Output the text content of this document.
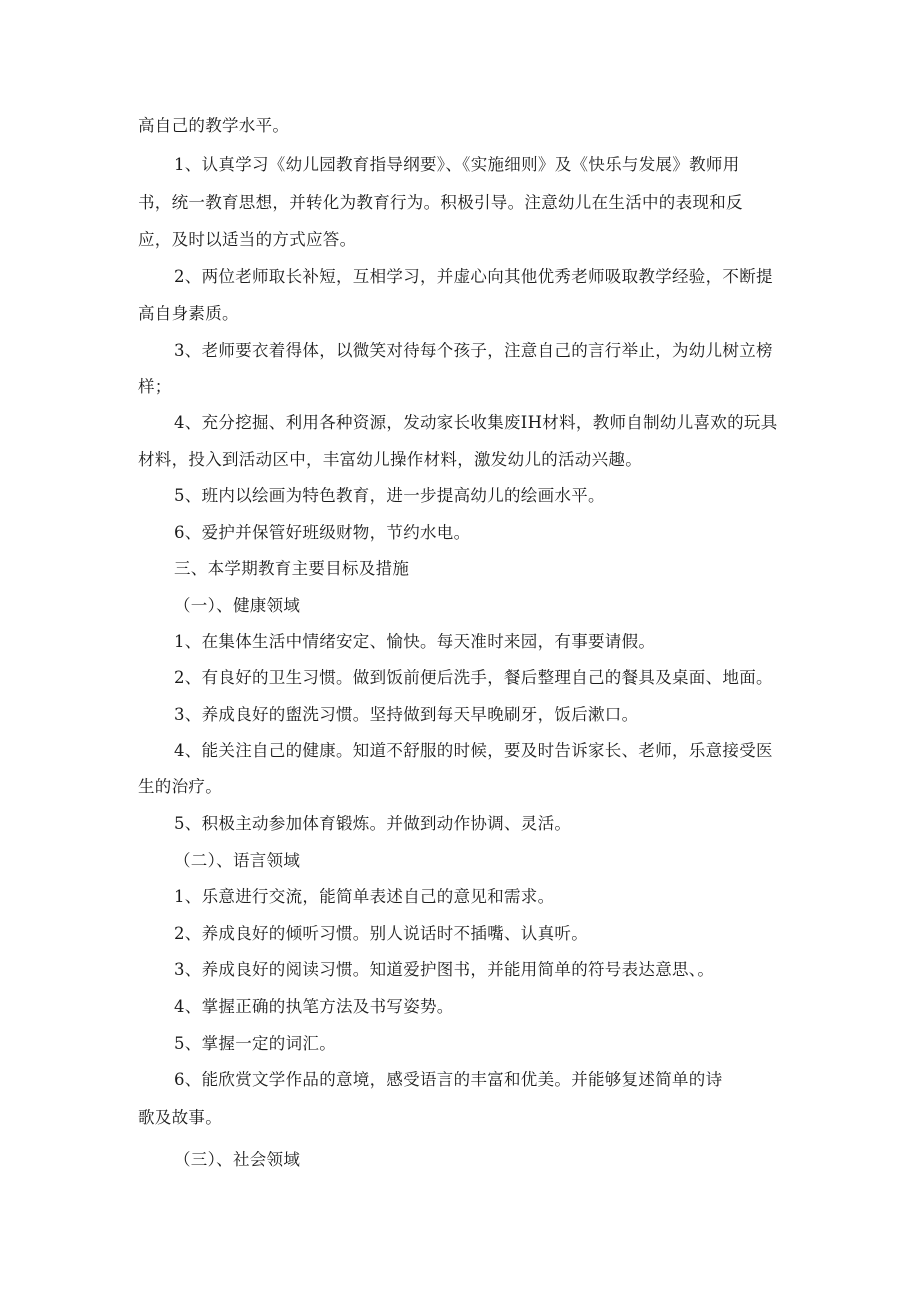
高自己的教学水平。
1、认真学习《幼儿园教育指导纲要》、《实施细则》及《快乐与发展》教师用
书，统一教育思想，并转化为教育行为。积极引导。注意幼儿在生活中的表现和反
应，及时以适当的方式应答。
2、两位老师取长补短，互相学习，并虚心向其他优秀老师吸取教学经验，不断提
高自身素质。
3、老师要衣着得体，以微笑对待每个孩子，注意自己的言行举止，为幼儿树立榜
样；
4、充分挖掘、利用各种资源，发动家长收集废IH材料，教师自制幼儿喜欢的玩具
材料，投入到活动区中，丰富幼儿操作材料，激发幼儿的活动兴趣。
5、班内以绘画为特色教育，进一步提高幼儿的绘画水平。
6、爱护并保管好班级财物，节约水电。
三、本学期教育主要目标及措施
（一）、健康领域
1、在集体生活中情绪安定、愉快。每天准时来园，有事要请假。
2、有良好的卫生习惯。做到饭前便后洗手，餐后整理自己的餐具及桌面、地面。
3、养成良好的盥洗习惯。坚持做到每天早晚刷牙，饭后漱口。
4、能关注自己的健康。知道不舒服的时候，要及时告诉家长、老师，乐意接受医
生的治疗。
5、积极主动参加体育锻炼。并做到动作协调、灵活。
（二）、语言领域
1、乐意进行交流，能简单表述自己的意见和需求。
2、养成良好的倾听习惯。别人说话时不插嘴、认真听。
3、养成良好的阅读习惯。知道爱护图书，并能用简单的符号表达意思、。
4、掌握正确的执笔方法及书写姿势。
5、掌握一定的词汇。
6、能欣赏文学作品的意境，感受语言的丰富和优美。并能够复述简单的诗
歌及故事。
（三）、社会领域
